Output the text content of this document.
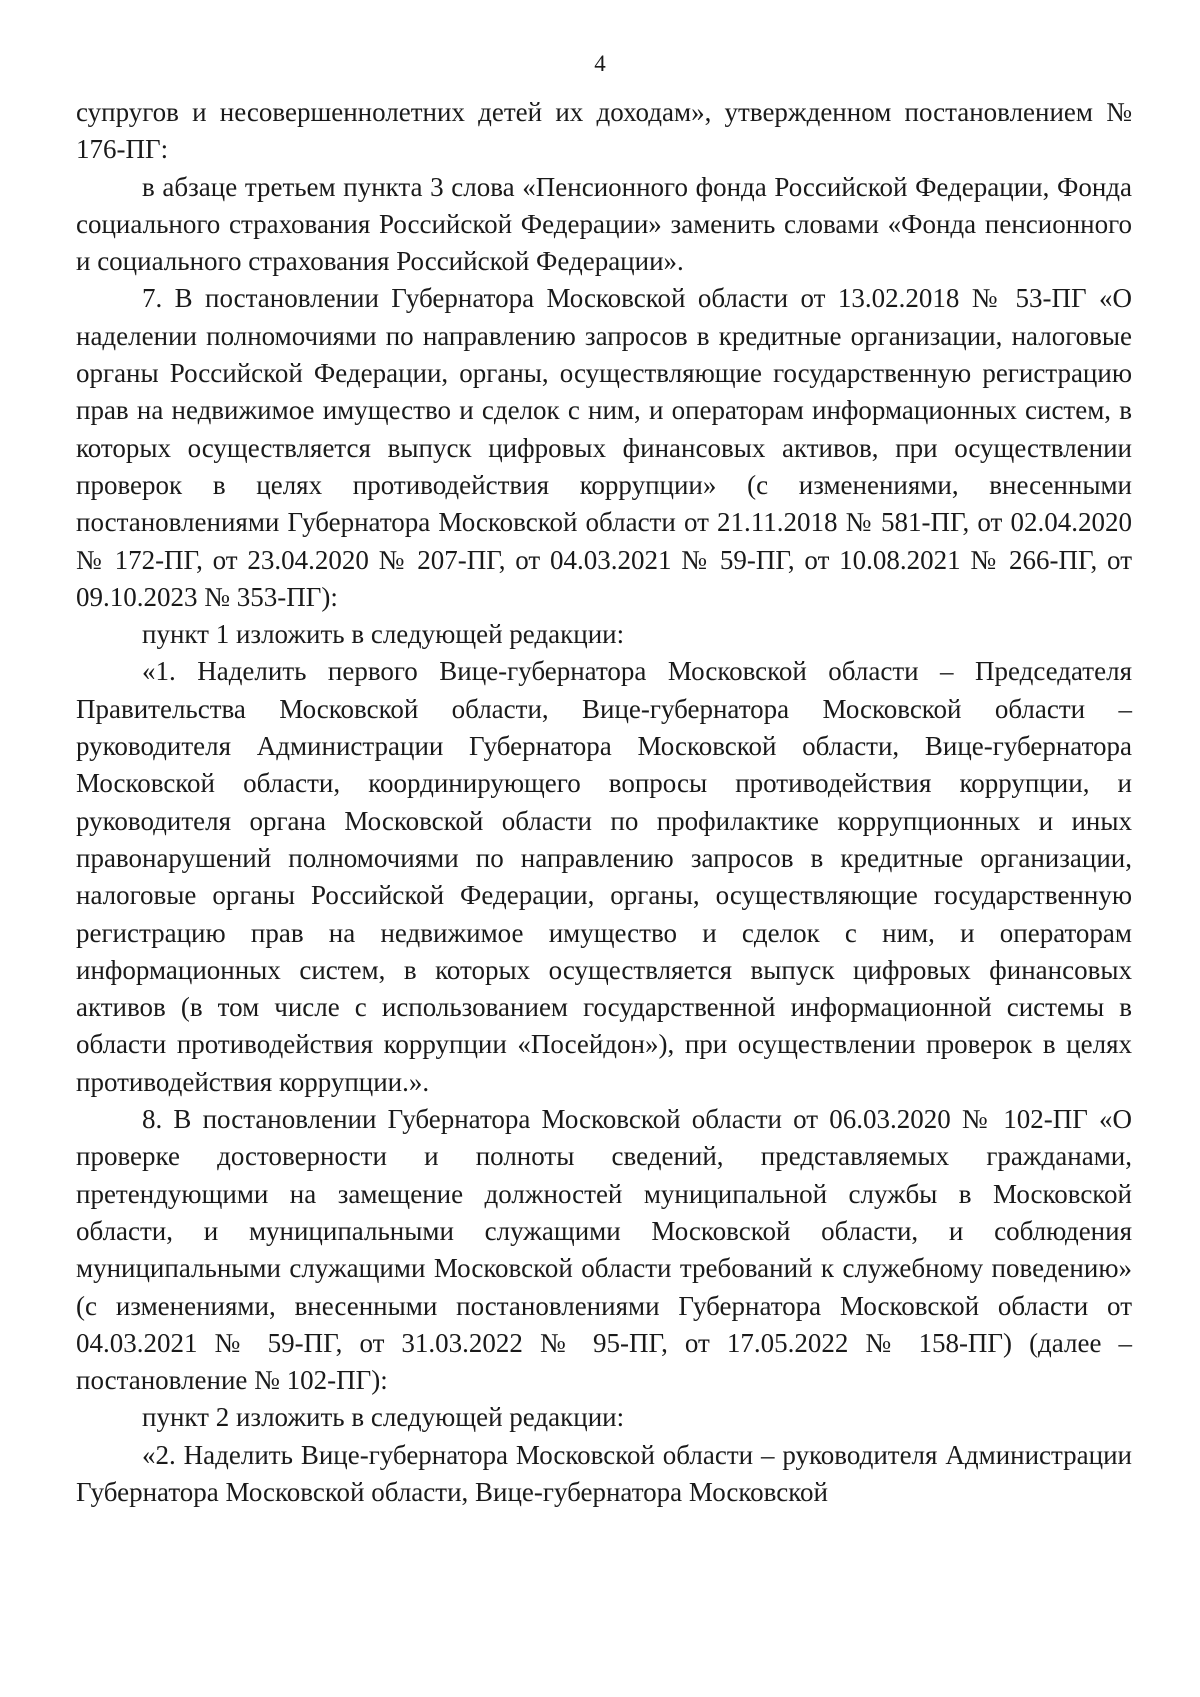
4

супругов и несовершеннолетних детей их доходам», утвержденном постановлением № 176-ПГ:

в абзаце третьем пункта 3 слова «Пенсионного фонда Российской Федерации, Фонда социального страхования Российской Федерации» заменить словами «Фонда пенсионного и социального страхования Российской Федерации».

7. В постановлении Губернатора Московской области от 13.02.2018 № 53-ПГ «О наделении полномочиями по направлению запросов в кредитные организации, налоговые органы Российской Федерации, органы, осуществляющие государственную регистрацию прав на недвижимое имущество и сделок с ним, и операторам информационных систем, в которых осуществляется выпуск цифровых финансовых активов, при осуществлении проверок в целях противодействия коррупции» (с изменениями, внесенными постановлениями Губернатора Московской области от 21.11.2018 № 581-ПГ, от 02.04.2020 № 172-ПГ, от 23.04.2020 № 207-ПГ, от 04.03.2021 № 59-ПГ, от 10.08.2021 № 266-ПГ, от 09.10.2023 № 353-ПГ):

пункт 1 изложить в следующей редакции:

«1. Наделить первого Вице-губернатора Московской области – Председателя Правительства Московской области, Вице-губернатора Московской области – руководителя Администрации Губернатора Московской области, Вице-губернатора Московской области, координирующего вопросы противодействия коррупции, и руководителя органа Московской области по профилактике коррупционных и иных правонарушений полномочиями по направлению запросов в кредитные организации, налоговые органы Российской Федерации, органы, осуществляющие государственную регистрацию прав на недвижимое имущество и сделок с ним, и операторам информационных систем, в которых осуществляется выпуск цифровых финансовых активов (в том числе с использованием государственной информационной системы в области противодействия коррупции «Посейдон»), при осуществлении проверок в целях противодействия коррупции.».

8. В постановлении Губернатора Московской области от 06.03.2020 № 102-ПГ «О проверке достоверности и полноты сведений, представляемых гражданами, претендующими на замещение должностей муниципальной службы в Московской области, и муниципальными служащими Московской области, и соблюдения муниципальными служащими Московской области требований к служебному поведению» (с изменениями, внесенными постановлениями Губернатора Московской области от 04.03.2021 № 59-ПГ, от 31.03.2022 № 95-ПГ, от 17.05.2022 № 158-ПГ) (далее – постановление № 102-ПГ):

пункт 2 изложить в следующей редакции:

«2. Наделить Вице-губернатора Московской области – руководителя Администрации Губернатора Московской области, Вице-губернатора Московской
